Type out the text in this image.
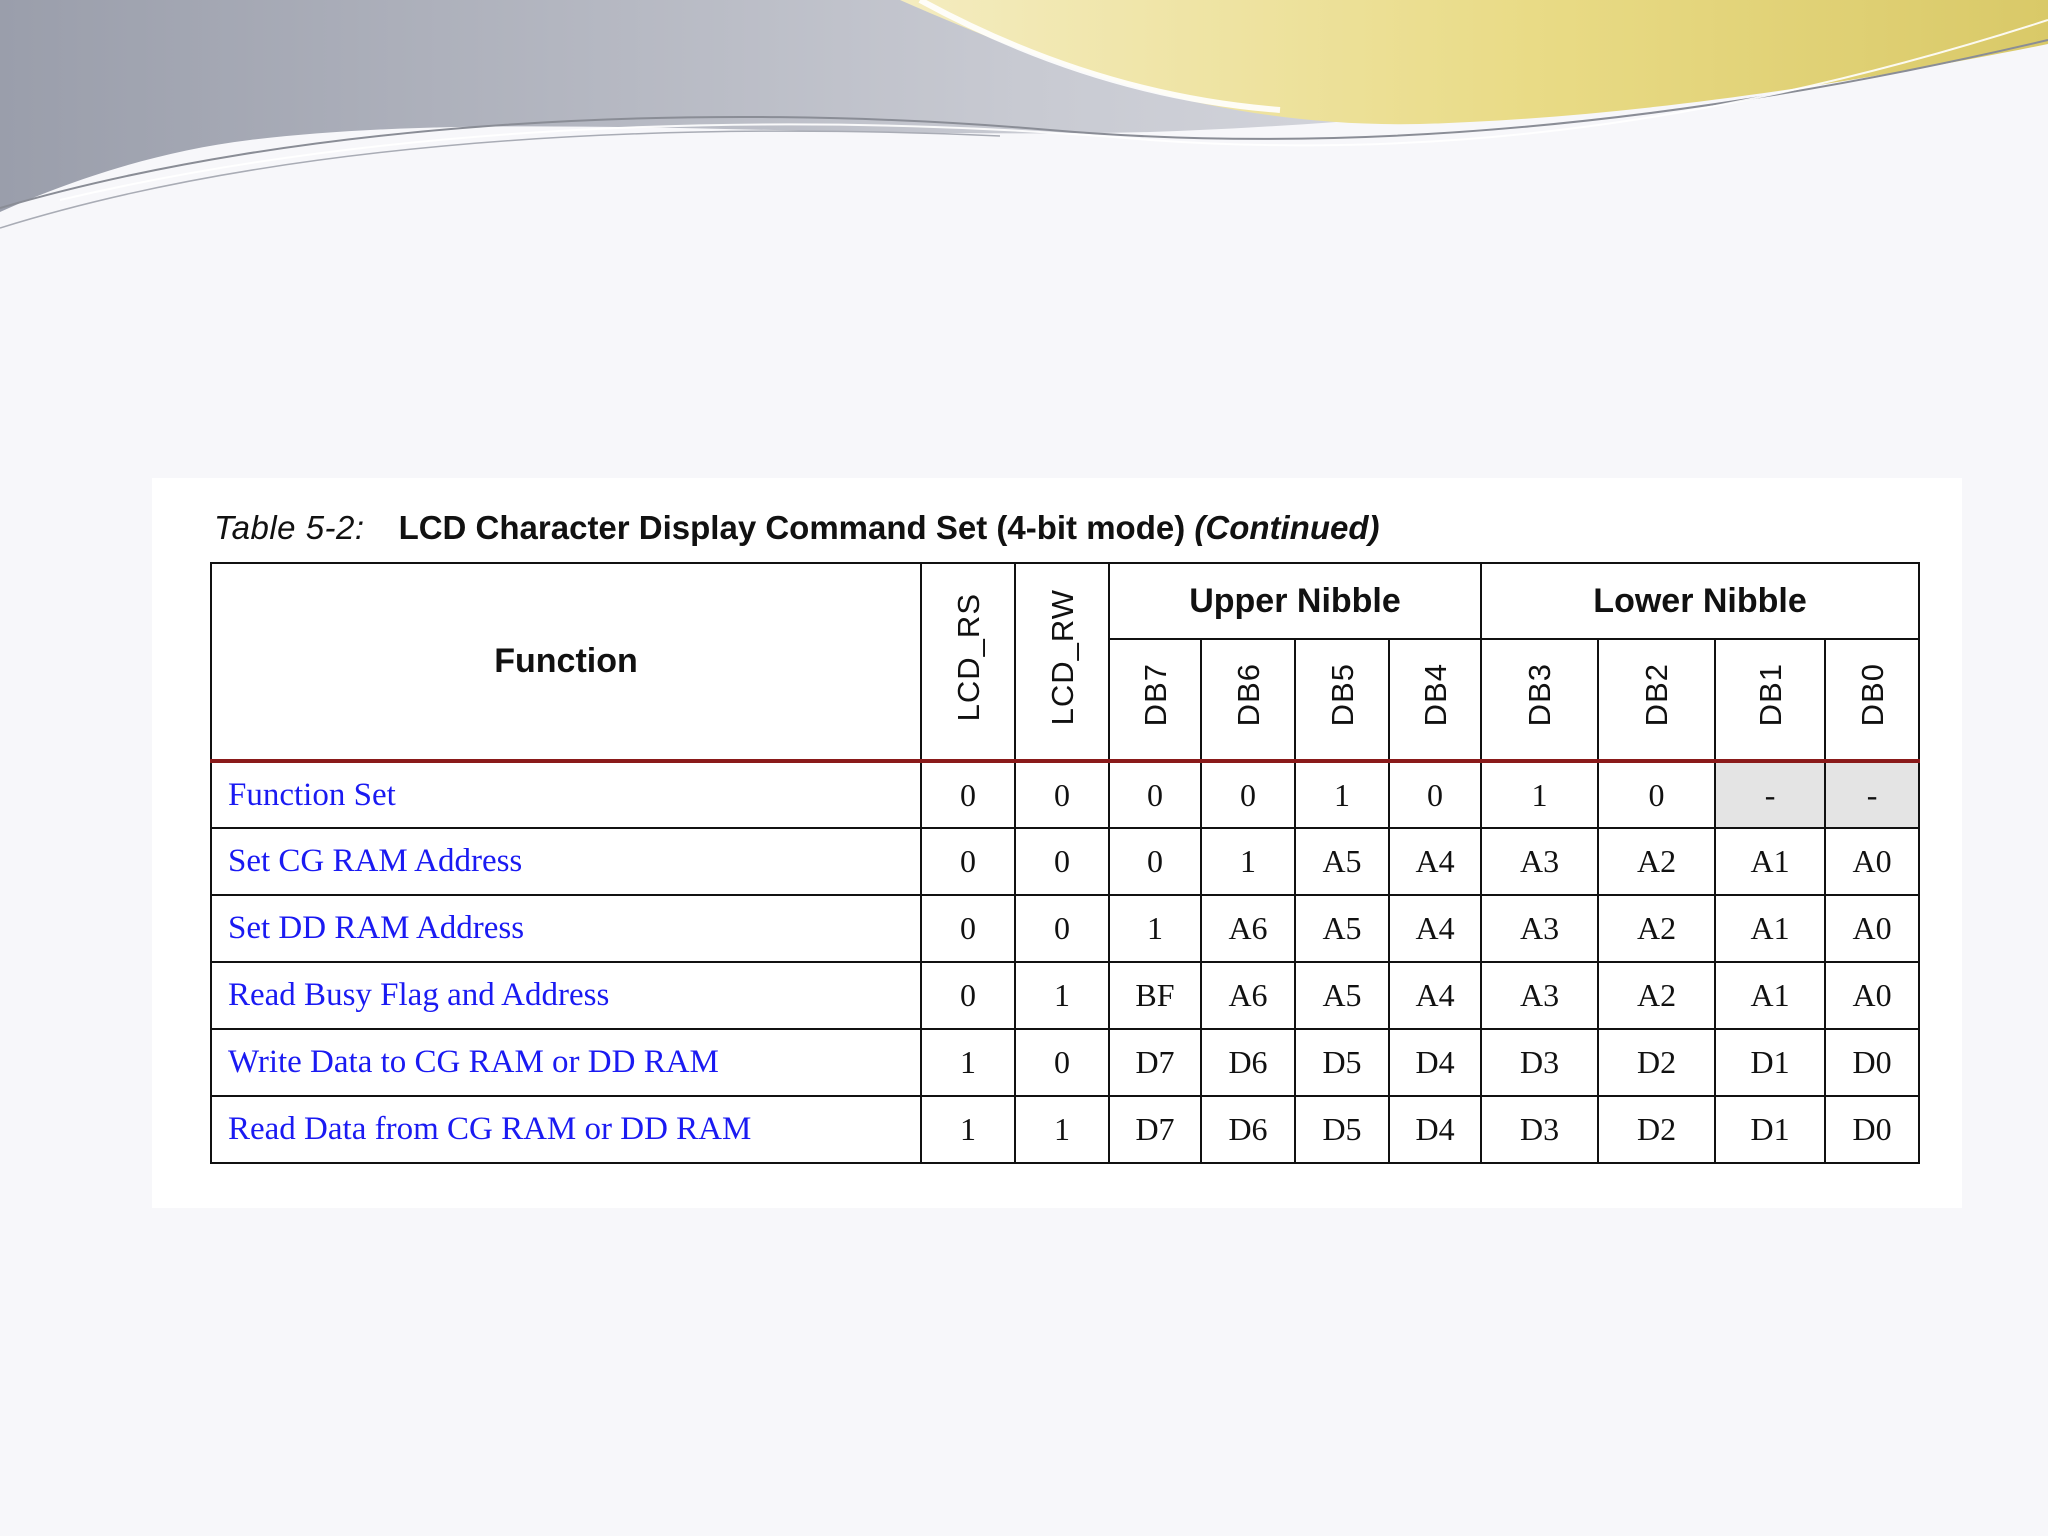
Table 5-2: LCD Character Display Command Set (4-bit mode) (Continued)
Function	LCD_RS	LCD_RW	Upper Nibble				Lower Nibble			
			DB7	DB6	DB5	DB4	DB3	DB2	DB1	DB0
Function Set	0	0	0	0	1	0	1	0	-	-
Set CG RAM Address	0	0	0	1	A5	A4	A3	A2	A1	A0
Set DD RAM Address	0	0	1	A6	A5	A4	A3	A2	A1	A0
Read Busy Flag and Address	0	1	BF	A6	A5	A4	A3	A2	A1	A0
Write Data to CG RAM or DD RAM	1	0	D7	D6	D5	D4	D3	D2	D1	D0
Read Data from CG RAM or DD RAM	1	1	D7	D6	D5	D4	D3	D2	D1	D0
